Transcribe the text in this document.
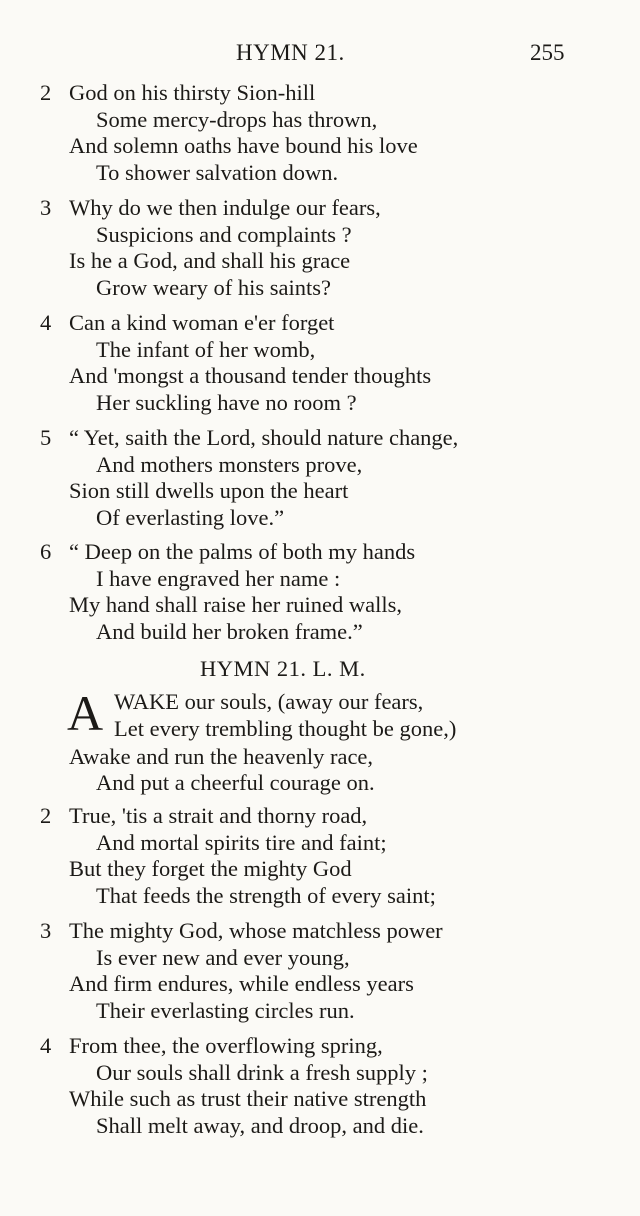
HYMN 21.	255
2 God on his thirsty Sion-hill
Some mercy-drops has thrown,
And solemn oaths have bound his love
To shower salvation down.
3 Why do we then indulge our fears,
Suspicions and complaints ?
Is he a God, and shall his grace
Grow weary of his saints?
4 Can a kind woman e'er forget
The infant of her womb,
And 'mongst a thousand tender thoughts
Her suckling have no room ?
5 “ Yet, saith the Lord, should nature change,
And mothers monsters prove,
Sion still dwells upon the heart
Of everlasting love.”
6 “ Deep on the palms of both my hands
I have engraved her name :
My hand shall raise her ruined walls,
And build her broken frame.”
HYMN 21. L. M.
A WAKE our souls, (away our fears,
Let every trembling thought be gone,)
Awake and run the heavenly race,
And put a cheerful courage on.
2 True, 'tis a strait and thorny road,
And mortal spirits tire and faint;
But they forget the mighty God
That feeds the strength of every saint;
3 The mighty God, whose matchless power
Is ever new and ever young,
And firm endures, while endless years
Their everlasting circles run.
4 From thee, the overflowing spring,
Our souls shall drink a fresh supply ;
While such as trust their native strength
Shall melt away, and droop, and die.
